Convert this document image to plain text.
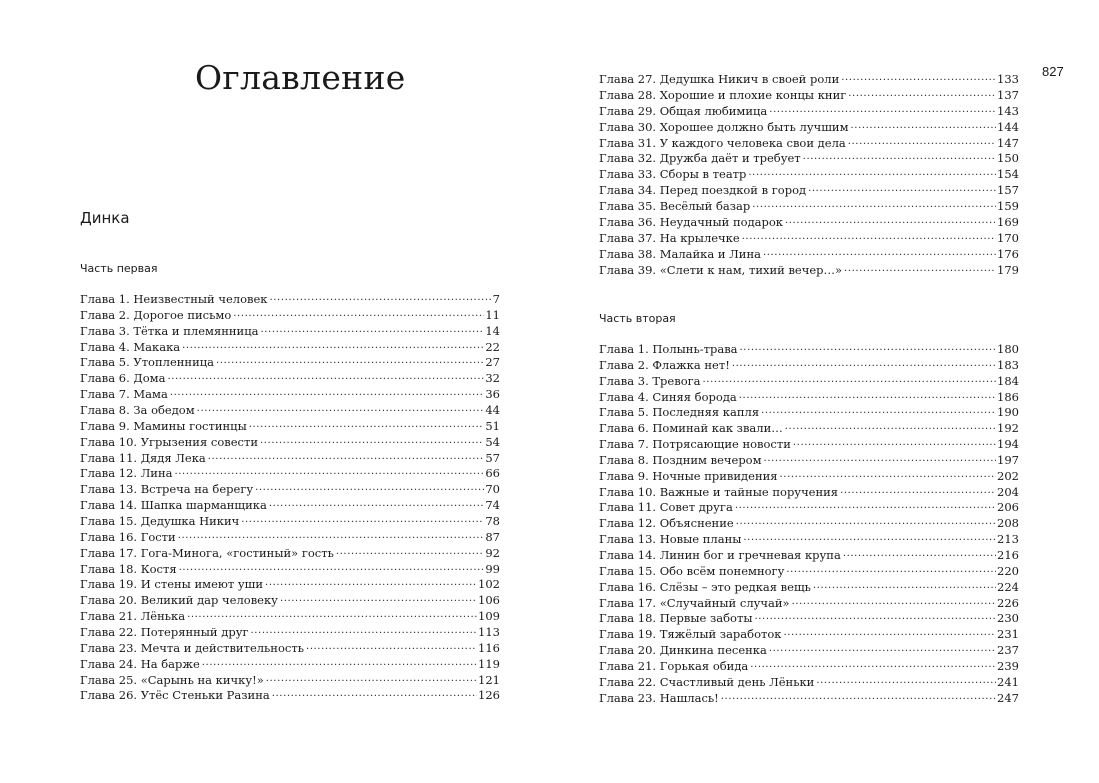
827
Оглавление
Динка
Часть первая
Часть вторая
Глава 1. Неизвестный человек .....	7
Глава 2. Дорогое письмо .....	11
Глава 3. Тётка и племянница .....	14
Глава 4. Макака .....	22
Глава 5. Утопленница .....	27
Глава 6. Дома .....	32
Глава 7. Мама .....	36
Глава 8. За обедом .....	44
Глава 9. Мамины гостинцы .....	51
Глава 10. Угрызения совести .....	54
Глава 11. Дядя Лека .....	57
Глава 12. Лина .....	66
Глава 13. Встреча на берегу .....	70
Глава 14. Шапка шарманщика .....	74
Глава 15. Дедушка Никич .....	78
Глава 16. Гости .....	87
Глава 17. Гога-Минога, «гостиный» гость .....	92
Глава 18. Костя .....	99
Глава 19. И стены имеют уши .....	102
Глава 20. Великий дар человеку .....	106
Глава 21. Лёнька .....	109
Глава 22. Потерянный друг .....	113
Глава 23. Мечта и действительность .....	116
Глава 24. На барже .....	119
Глава 25. «Сарынь на кичку!» .....	121
Глава 26. Утёс Стеньки Разина .....	126
Глава 27. Дедушка Никич в своей роли .....	133
Глава 28. Хорошие и плохие концы книг .....	137
Глава 29. Общая любимица .....	143
Глава 30. Хорошее должно быть лучшим .....	144
Глава 31. У каждого человека свои дела .....	147
Глава 32. Дружба даёт и требует .....	150
Глава 33. Сборы в театр .....	154
Глава 34. Перед поездкой в город .....	157
Глава 35. Весёлый базар .....	159
Глава 36. Неудачный подарок .....	169
Глава 37. На крылечке .....	170
Глава 38. Малайка и Лина .....	176
Глава 39. «Слети к нам, тихий вечер…» .....	179
Глава 1. Полынь-трава .....	180
Глава 2. Флажка нет! .....	183
Глава 3. Тревога .....	184
Глава 4. Синяя борода .....	186
Глава 5. Последняя капля .....	190
Глава 6. Поминай как звали… .....	192
Глава 7. Потрясающие новости .....	194
Глава 8. Поздним вечером .....	197
Глава 9. Ночные привидения .....	202
Глава 10. Важные и тайные поручения .....	204
Глава 11. Совет друга .....	206
Глава 12. Объяснение .....	208
Глава 13. Новые планы .....	213
Глава 14. Линин бог и гречневая крупа .....	216
Глава 15. Обо всём понемногу .....	220
Глава 16. Слёзы – это редкая вещь .....	224
Глава 17. «Случайный случай» .....	226
Глава 18. Первые заботы .....	230
Глава 19. Тяжёлый заработок .....	231
Глава 20. Динкина песенка .....	237
Глава 21. Горькая обида .....	239
Глава 22. Счастливый день Лёньки .....	241
Глава 23. Нашлась! .....	247
